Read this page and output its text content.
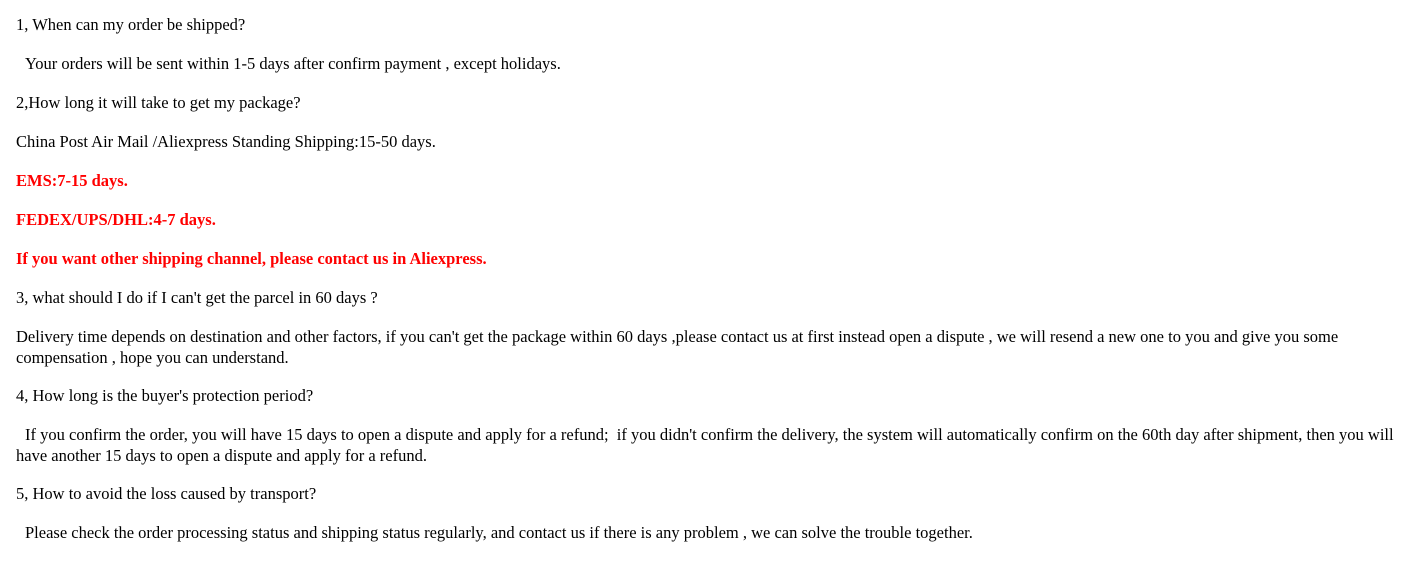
1, When can my order be shipped?

Your orders will be sent within 1-5 days after confirm payment , except holidays.

2,How long it will take to get my package?

China Post Air Mail /Aliexpress Standing Shipping:15-50 days.

EMS:7-15 days.

FEDEX/UPS/DHL:4-7 days.

If you want other shipping channel, please contact us in Aliexpress.

3, what should I do if I can't get the parcel in 60 days ?

Delivery time depends on destination and other factors, if you can't get the package within 60 days ,please contact us at first instead open a dispute , we will resend a new one to you and give you some compensation , hope you can understand.

4, How long is the buyer's protection period?

If you confirm the order, you will have 15 days to open a dispute and apply for a refund;  if you didn't confirm the delivery, the system will automatically confirm on the 60th day after shipment, then you will have another 15 days to open a dispute and apply for a refund.

5, How to avoid the loss caused by transport?

Please check the order processing status and shipping status regularly, and contact us if there is any problem , we can solve the trouble together.
